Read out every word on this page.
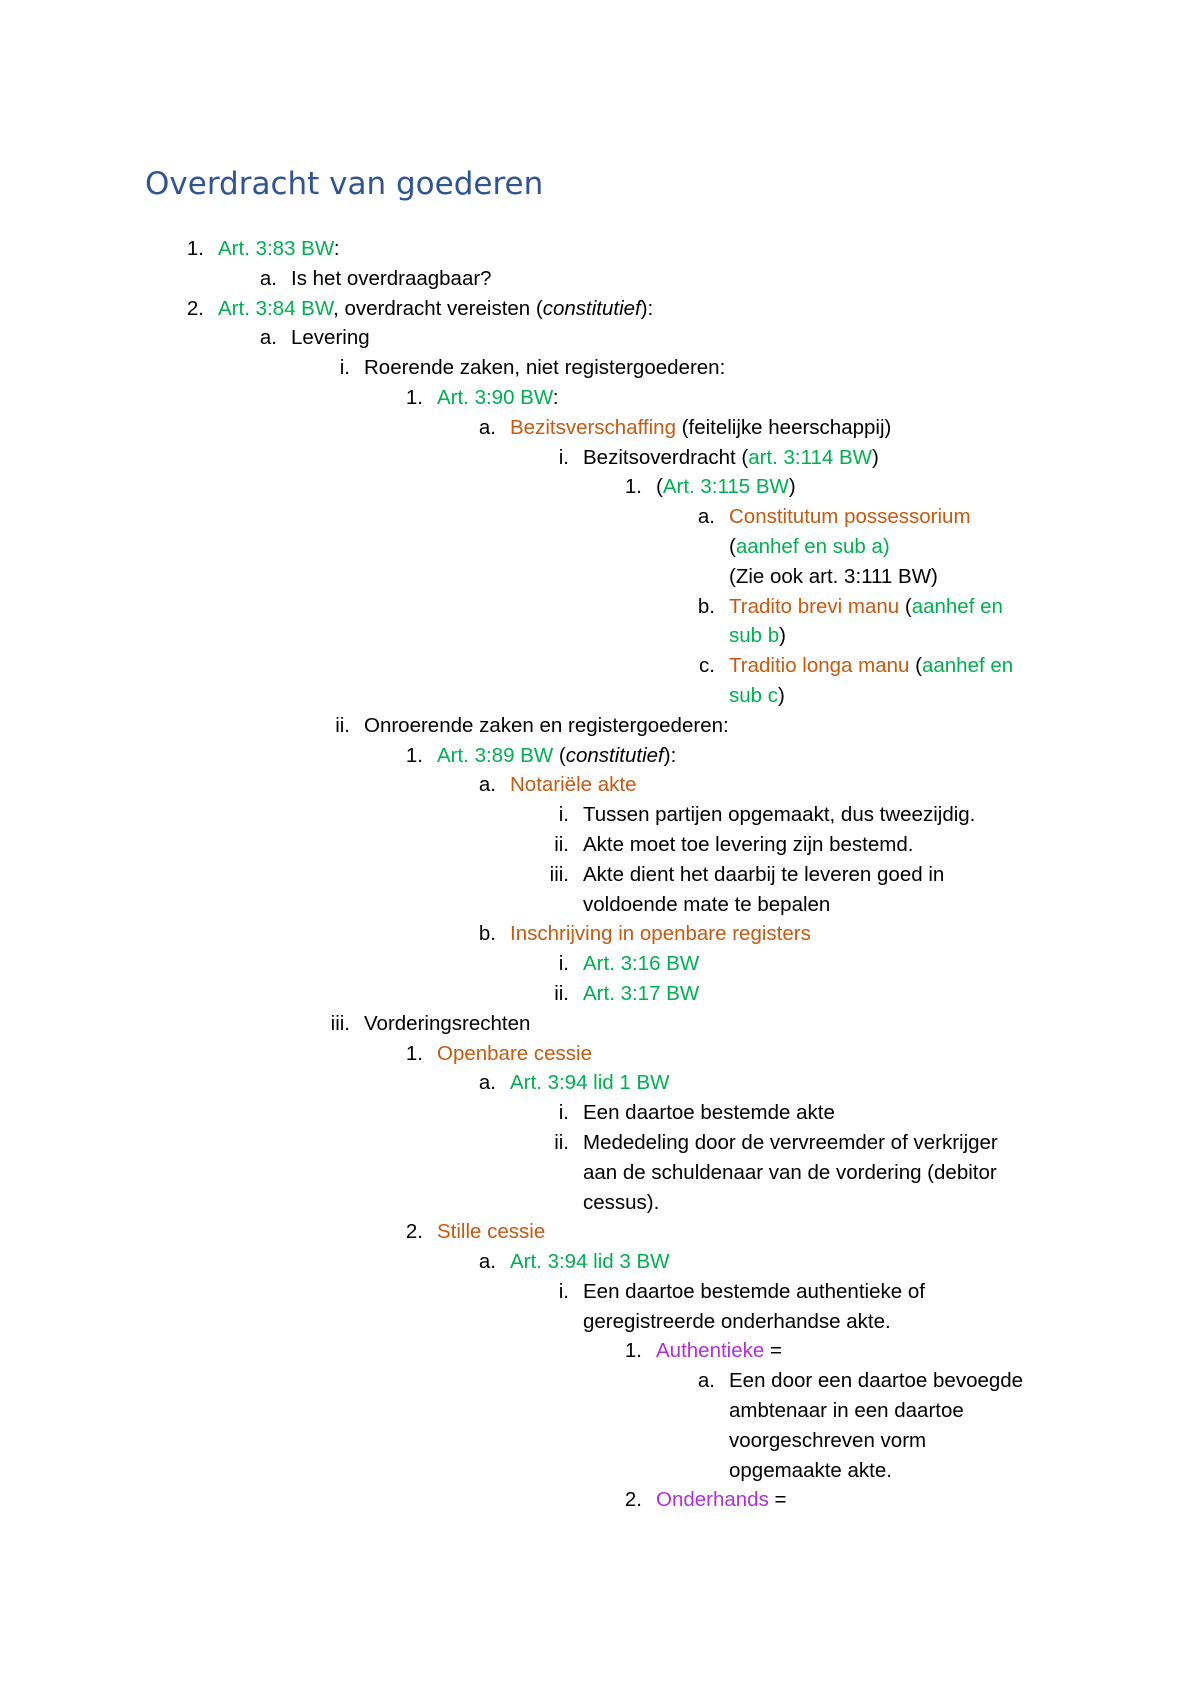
Overdracht van goederen
1. Art. 3:83 BW:
a. Is het overdraagbaar?
2. Art. 3:84 BW, overdracht vereisten (constitutief):
a. Levering
i. Roerende zaken, niet registergoederen:
1. Art. 3:90 BW:
a. Bezitsverschaffing (feitelijke heerschappij)
i. Bezitsoverdracht (art. 3:114 BW)
1. (Art. 3:115 BW)
a. Constitutum possessorium
(aanhef en sub a)
(Zie ook art. 3:111 BW)
b. Tradito brevi manu (aanhef en
sub b)
c. Traditio longa manu (aanhef en
sub c)
ii. Onroerende zaken en registergoederen:
1. Art. 3:89 BW (constitutief):
a. Notariële akte
i. Tussen partijen opgemaakt, dus tweezijdig.
ii. Akte moet toe levering zijn bestemd.
iii. Akte dient het daarbij te leveren goed in
voldoende mate te bepalen
b. Inschrijving in openbare registers
i. Art. 3:16 BW
ii. Art. 3:17 BW
iii. Vorderingsrechten
1. Openbare cessie
a. Art. 3:94 lid 1 BW
i. Een daartoe bestemde akte
ii. Mededeling door de vervreemder of verkrijger
aan de schuldenaar van de vordering (debitor
cessus).
2. Stille cessie
a. Art. 3:94 lid 3 BW
i. Een daartoe bestemde authentieke of
geregistreerde onderhandse akte.
1. Authentieke =
a. Een door een daartoe bevoegde
ambtenaar in een daartoe
voorgeschreven vorm
opgemaakte akte.
2. Onderhands =
